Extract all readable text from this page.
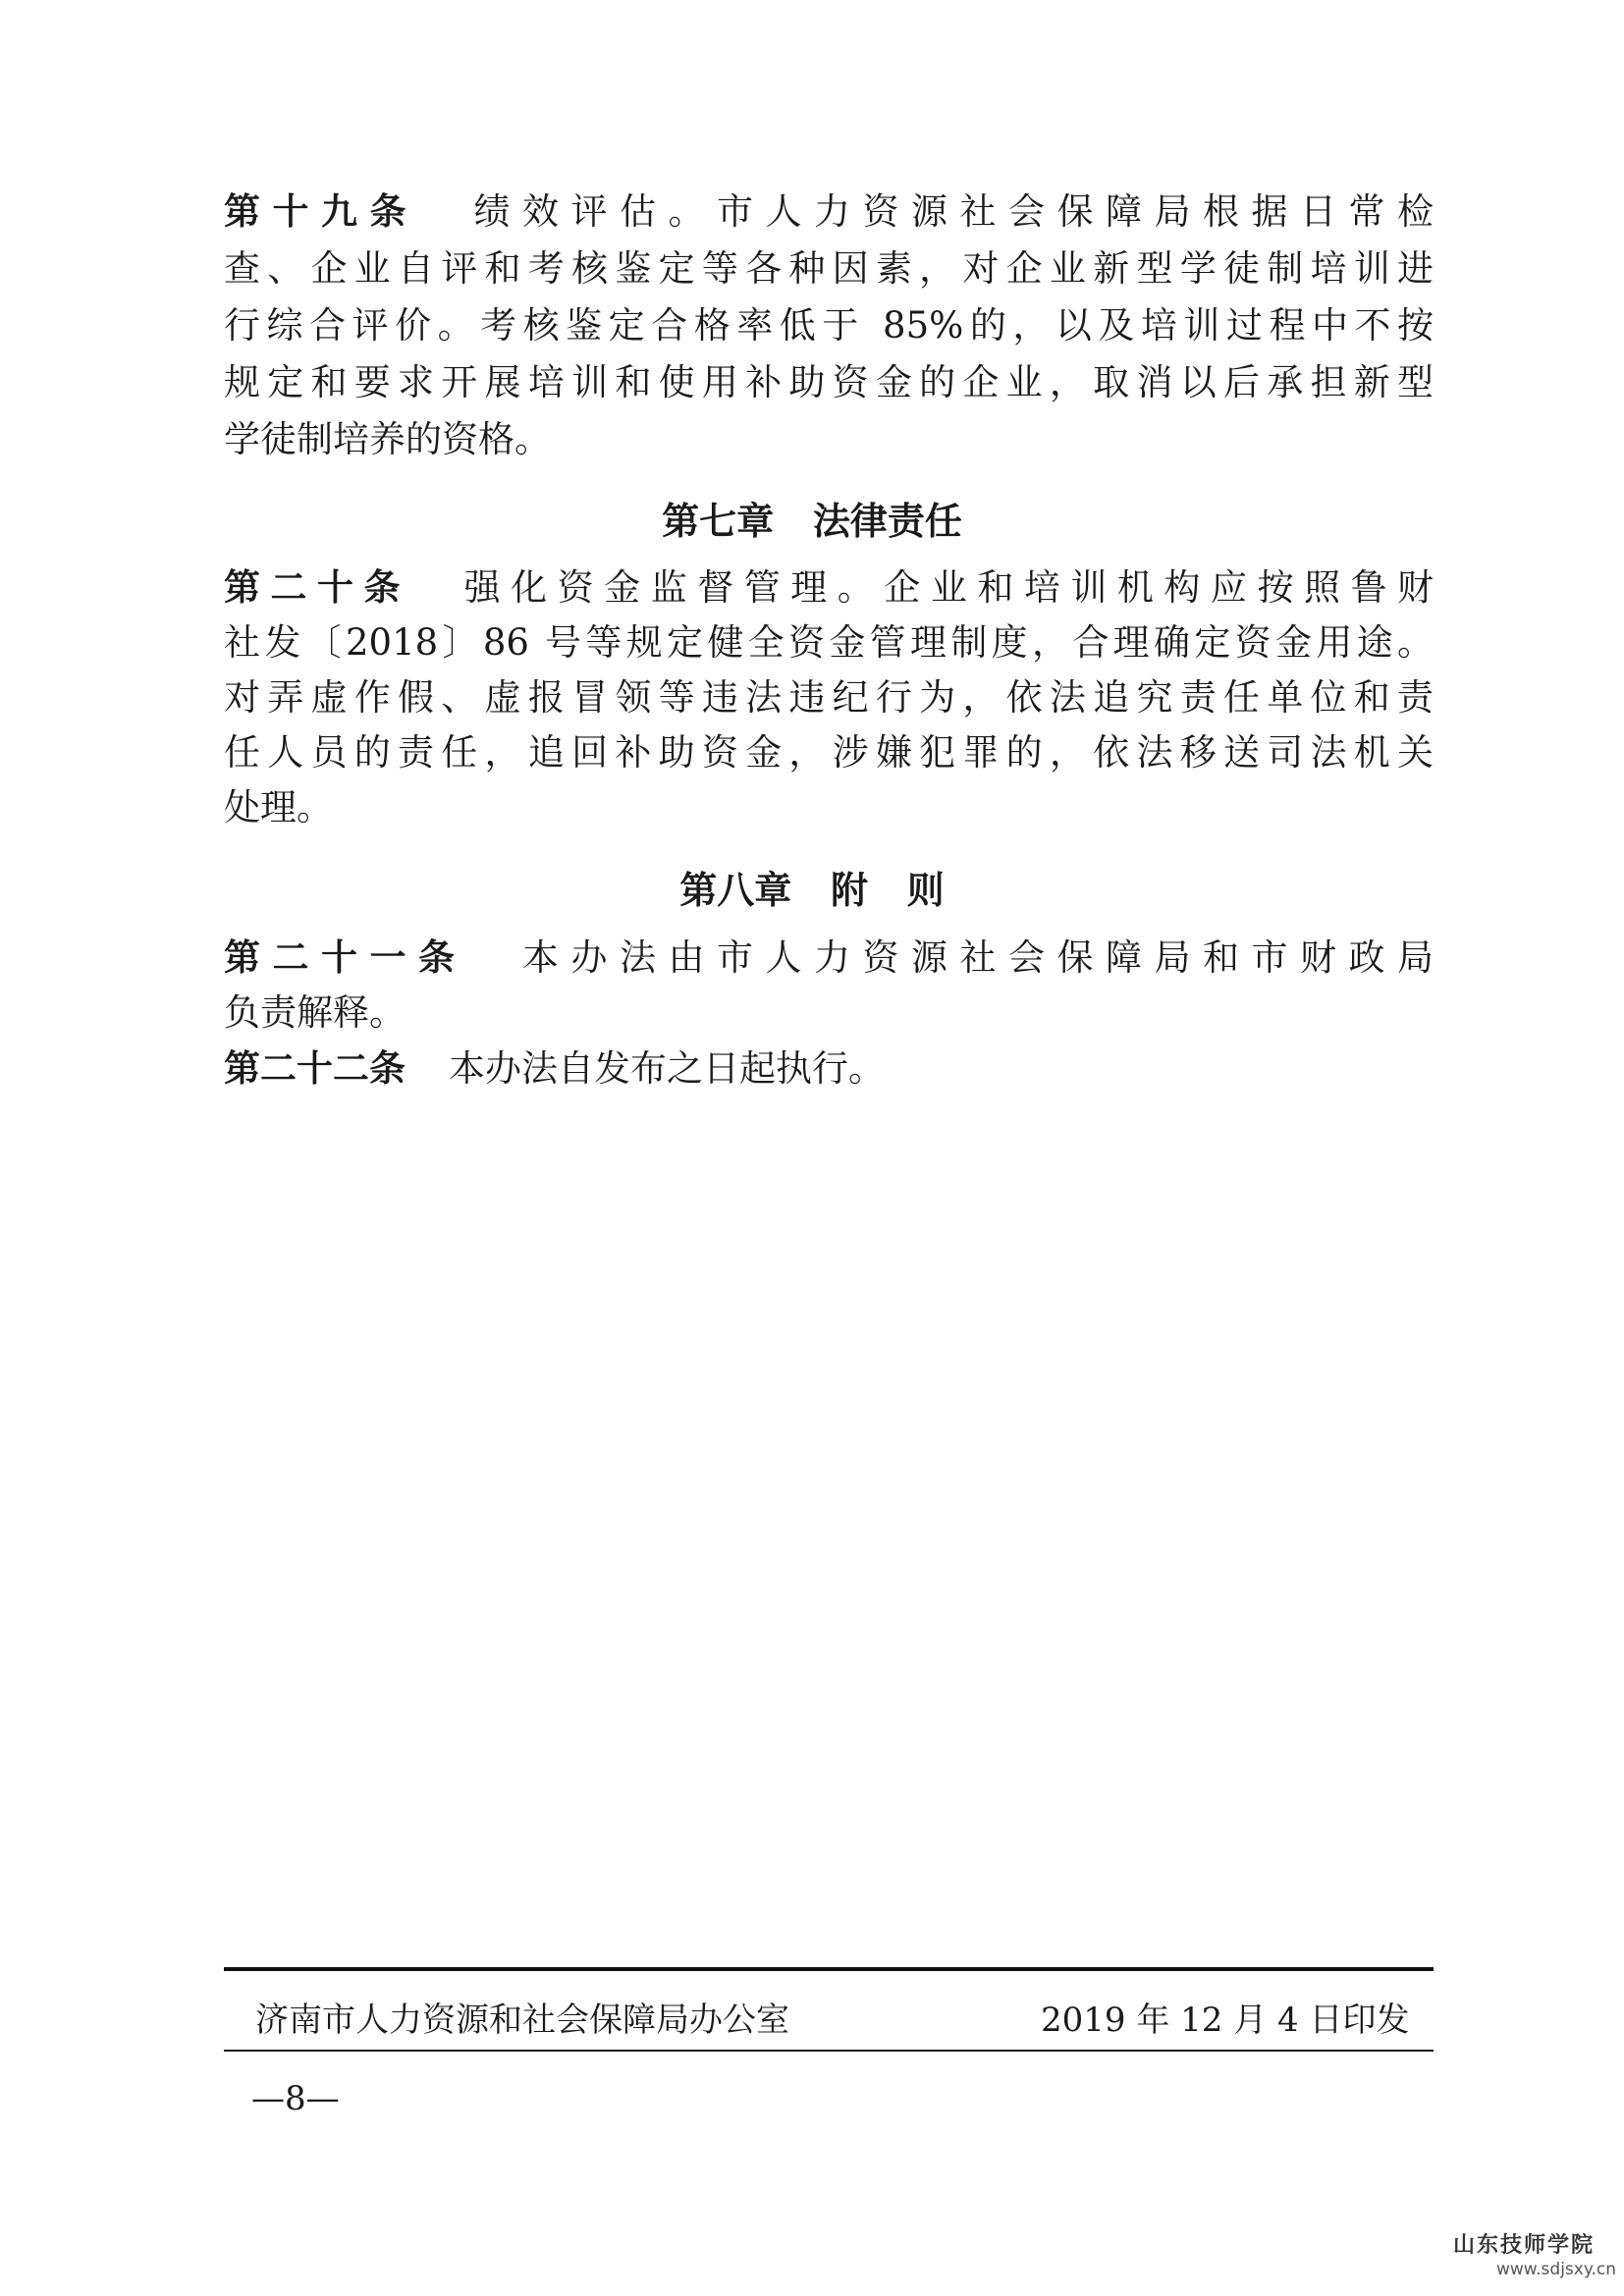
第十九条 绩效评估。市人力资源社会保障局根据日常检
查、企业自评和考核鉴定等各种因素，对企业新型学徒制培训进
行综合评价。考核鉴定合格率低于 85%的，以及培训过程中不按
规定和要求开展培训和使用补助资金的企业，取消以后承担新型
学徒制培养的资格。
第七章   法律责任
第二十条 强化资金监督管理。企业和培训机构应按照鲁财
社发〔2018〕86 号等规定健全资金管理制度，合理确定资金用途。
对弄虚作假、虚报冒领等违法违纪行为，依法追究责任单位和责
任人员的责任，追回补助资金，涉嫌犯罪的，依法移送司法机关
处理。
第八章   附   则
第二十一条 本办法由市人力资源社会保障局和市财政局
负责解释。
第二十二条 本办法自发布之日起执行。
济南市人力资源和社会保障局办公室	2019 年 12 月 4 日印发
—8—
山东技师学院
www.sdjsxy.cn
